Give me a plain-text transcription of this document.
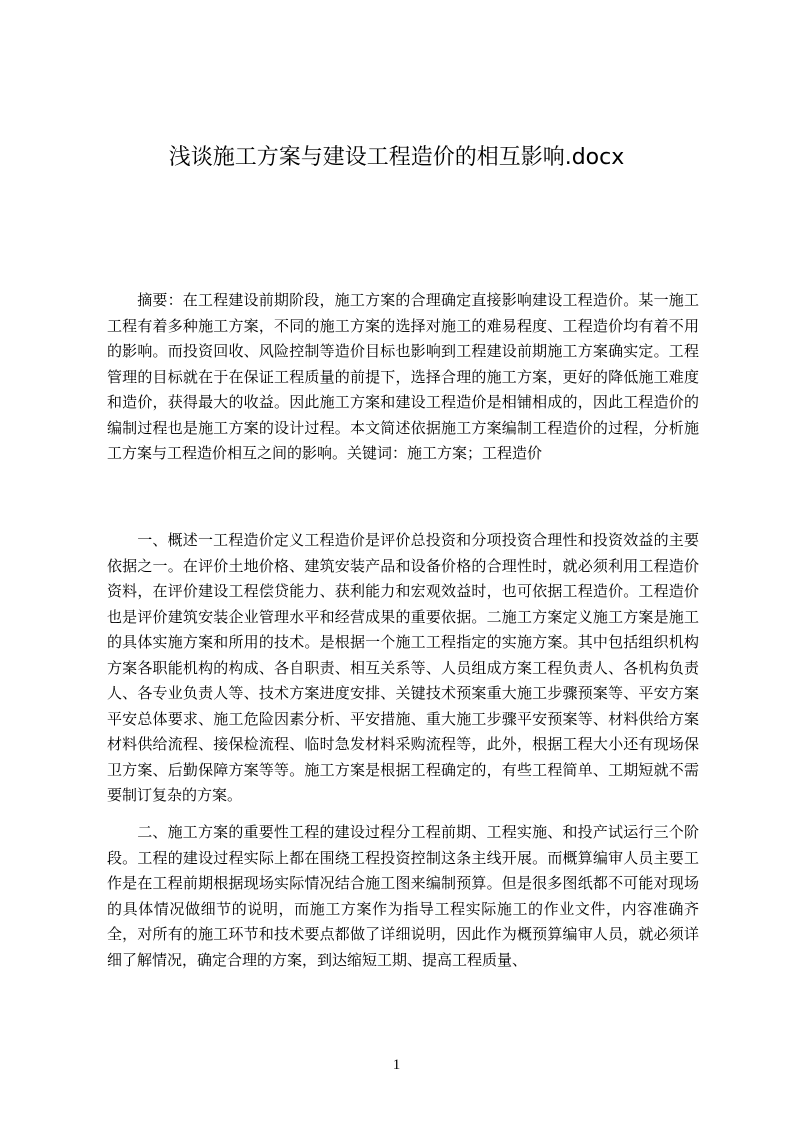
浅谈施工方案与建设工程造价的相互影响.docx

摘要：在工程建设前期阶段，施工方案的合理确定直接影响建设工程造价。某一施工工程有着多种施工方案，不同的施工方案的选择对施工的难易程度、工程造价均有着不用的影响。而投资回收、风险控制等造价目标也影响到工程建设前期施工方案确实定。工程管理的目标就在于在保证工程质量的前提下，选择合理的施工方案，更好的降低施工难度和造价，获得最大的收益。因此施工方案和建设工程造价是相铺相成的，因此工程造价的编制过程也是施工方案的设计过程。本文简述依据施工方案编制工程造价的过程，分析施工方案与工程造价相互之间的影响。关键词：施工方案；工程造价

一、概述一工程造价定义工程造价是评价总投资和分项投资合理性和投资效益的主要依据之一。在评价土地价格、建筑安装产品和设备价格的合理性时，就必须利用工程造价资料，在评价建设工程偿贷能力、获利能力和宏观效益时，也可依据工程造价。工程造价也是评价建筑安装企业管理水平和经营成果的重要依据。二施工方案定义施工方案是施工的具体实施方案和所用的技术。是根据一个施工工程指定的实施方案。其中包括组织机构方案各职能机构的构成、各自职责、相互关系等、人员组成方案工程负责人、各机构负责人、各专业负责人等、技术方案进度安排、关键技术预案重大施工步骤预案等、平安方案平安总体要求、施工危险因素分析、平安措施、重大施工步骤平安预案等、材料供给方案材料供给流程、接保检流程、临时急发材料采购流程等，此外，根据工程大小还有现场保卫方案、后勤保障方案等等。施工方案是根据工程确定的，有些工程简单、工期短就不需要制订复杂的方案。

二、施工方案的重要性工程的建设过程分工程前期、工程实施、和投产试运行三个阶段。工程的建设过程实际上都在围绕工程投资控制这条主线开展。而概算编审人员主要工作是在工程前期根据现场实际情况结合施工图来编制预算。但是很多图纸都不可能对现场的具体情况做细节的说明，而施工方案作为指导工程实际施工的作业文件，内容准确齐全，对所有的施工环节和技术要点都做了详细说明，因此作为概预算编审人员，就必须详细了解情况，确定合理的方案，到达缩短工期、提高工程质量、

1
